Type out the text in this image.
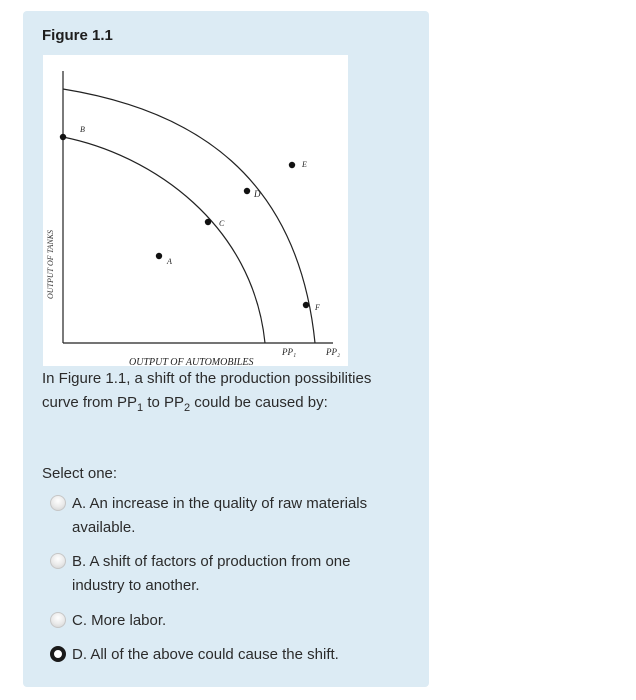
Figure 1.1
B
C
D
E
F
A
PP₁	PP₂
OUTPUT OF AUTOMOBILES
OUTPUT OF TANKS
In Figure 1.1, a shift of the production possibilities curve from $PP_1$ to $PP_2$ could be caused by:
Select one:
A. An increase in the quality of raw materials available.
B. A shift of factors of production from one industry to another.
C. More labor.
D. All of the above could cause the shift.
